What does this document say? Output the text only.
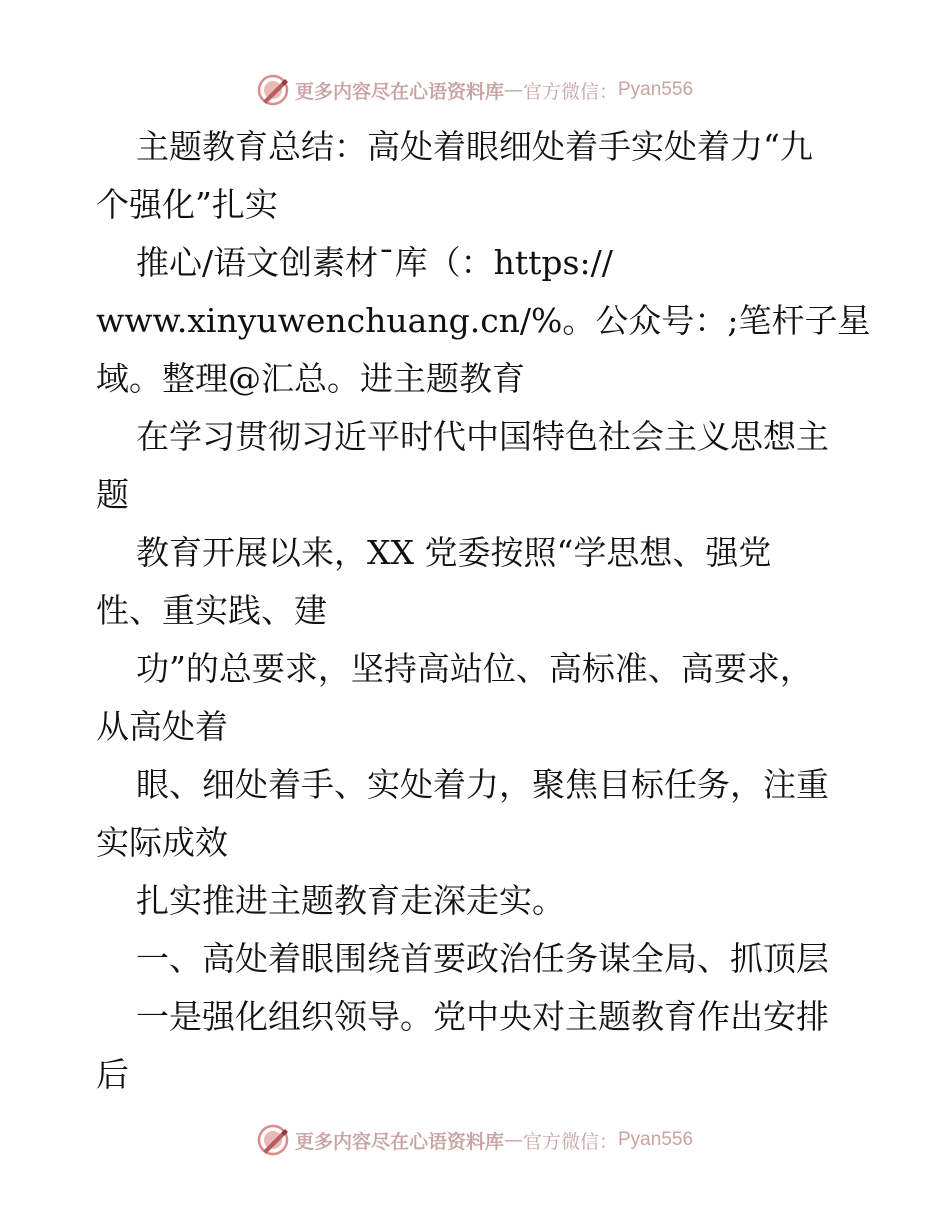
更多内容尽在心语资料库 — 官方微信： Pyan556
主题教育总结：高处着眼细处着手实处着力“九
个强化”扎实
推心/语文创素材¯库（：https://
www.xinyuwenchuang.cn/%。公众号：;笔杆子星
域。整理@汇总。进主题教育
在学习贯彻习近平时代中国特色社会主义思想主
题
教育开展以来，XX 党委按照“学思想、强党
性、重实践、建
功”的总要求，坚持高站位、高标准、高要求，
从高处着
眼、细处着手、实处着力，聚焦目标任务，注重
实际成效
扎实推进主题教育走深走实。
一、高处着眼围绕首要政治任务谋全局、抓顶层
一是强化组织领导。党中央对主题教育作出安排
后
更多内容尽在心语资料库 — 官方微信： Pyan556
